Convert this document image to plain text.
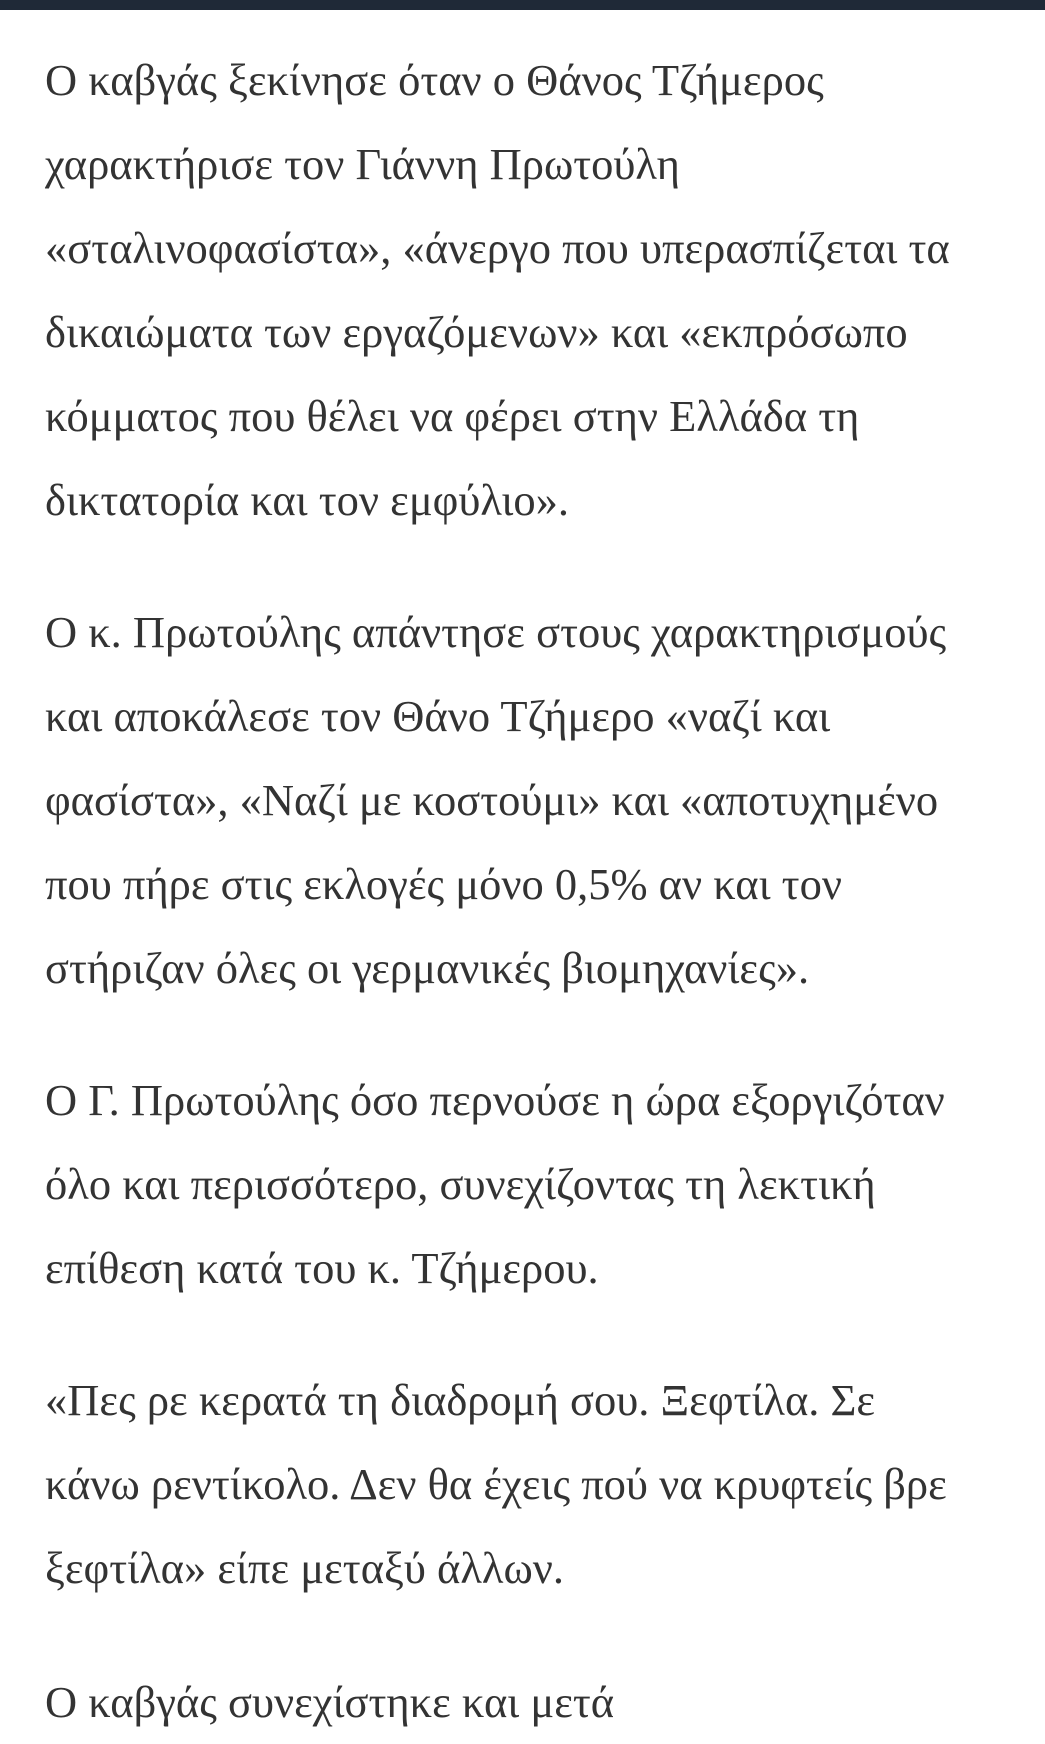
Ο καβγάς ξεκίνησε όταν ο Θάνος Τζήμερος
χαρακτήρισε τον Γιάννη Πρωτούλη
«σταλινοφασίστα», «άνεργο που υπερασπίζεται τα
δικαιώματα των εργαζόμενων» και «εκπρόσωπο
κόμματος που θέλει να φέρει στην Ελλάδα τη
δικτατορία και τον εμφύλιο».

Ο κ. Πρωτούλης απάντησε στους χαρακτηρισμούς
και αποκάλεσε τον Θάνο Τζήμερο «ναζί και
φασίστα», «Ναζί με κοστούμι» και «αποτυχημένο
που πήρε στις εκλογές μόνο 0,5% αν και τον
στήριζαν όλες οι γερμανικές βιομηχανίες».

Ο Γ. Πρωτούλης όσο περνούσε η ώρα εξοργιζόταν
όλο και περισσότερο, συνεχίζοντας τη λεκτική
επίθεση κατά του κ. Τζήμερου.

«Πες ρε κερατά τη διαδρομή σου. Ξεφτίλα. Σε
κάνω ρεντίκολο. Δεν θα έχεις πού να κρυφτείς βρε
ξεφτίλα» είπε μεταξύ άλλων.

Ο καβγάς συνεχίστηκε και μετά
